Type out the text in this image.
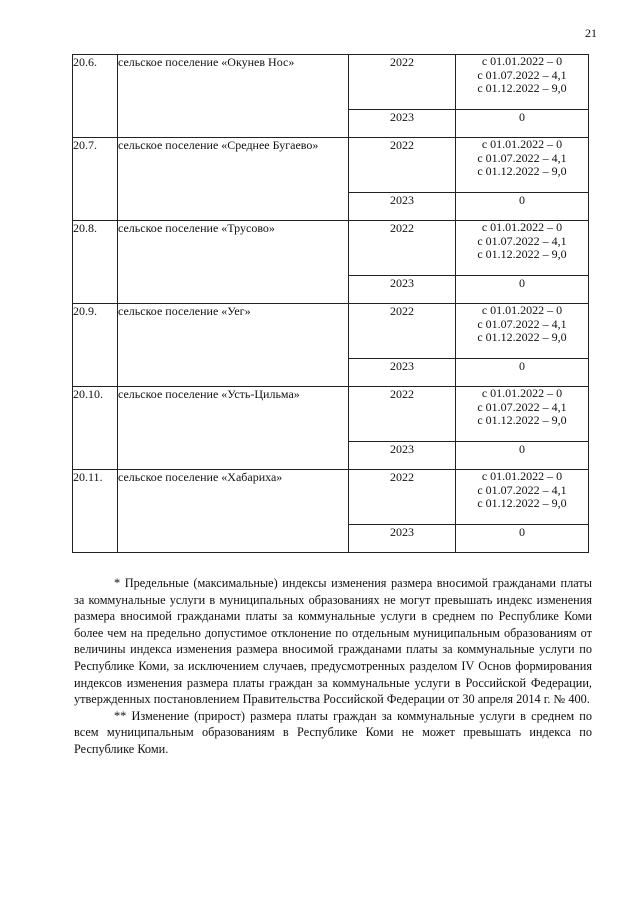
21
20.6.	сельское поселение «Окунев Нос»	2022	с 01.01.2022 – 0
с 01.07.2022 – 4,1
с 01.12.2022 – 9,0

		2023	0
20.7.	сельское поселение «Среднее Бугаево»	2022	с 01.01.2022 – 0
с 01.07.2022 – 4,1
с 01.12.2022 – 9,0

		2023	0
20.8.	сельское поселение «Трусово»	2022	с 01.01.2022 – 0
с 01.07.2022 – 4,1
с 01.12.2022 – 9,0

		2023	0
20.9.	сельское поселение «Уег»	2022	с 01.01.2022 – 0
с 01.07.2022 – 4,1
с 01.12.2022 – 9,0

		2023	0
20.10.	сельское поселение «Усть-Цильма»	2022	с 01.01.2022 – 0
с 01.07.2022 – 4,1
с 01.12.2022 – 9,0

		2023	0
20.11.	сельское поселение «Хабариха»	2022	с 01.01.2022 – 0
с 01.07.2022 – 4,1
с 01.12.2022 – 9,0

		2023	0

* Предельные (максимальные) индексы изменения размера вносимой гражданами платы за коммунальные услуги в муниципальных образованиях не могут превышать индекс изменения размера вносимой гражданами платы за коммунальные услуги в среднем по Республике Коми более чем на предельно допустимое отклонение по отдельным муниципальным образованиям от величины индекса изменения размера вносимой гражданами платы за коммунальные услуги по Республике Коми, за исключением случаев, предусмотренных разделом IV Основ формирования индексов изменения размера платы граждан за коммунальные услуги в Российской Федерации, утвержденных постановлением Правительства Российской Федерации от 30 апреля 2014 г. № 400.

** Изменение (прирост) размера платы граждан за коммунальные услуги в среднем по всем муниципальным образованиям в Республике Коми не может превышать индекса по Республике Коми.
